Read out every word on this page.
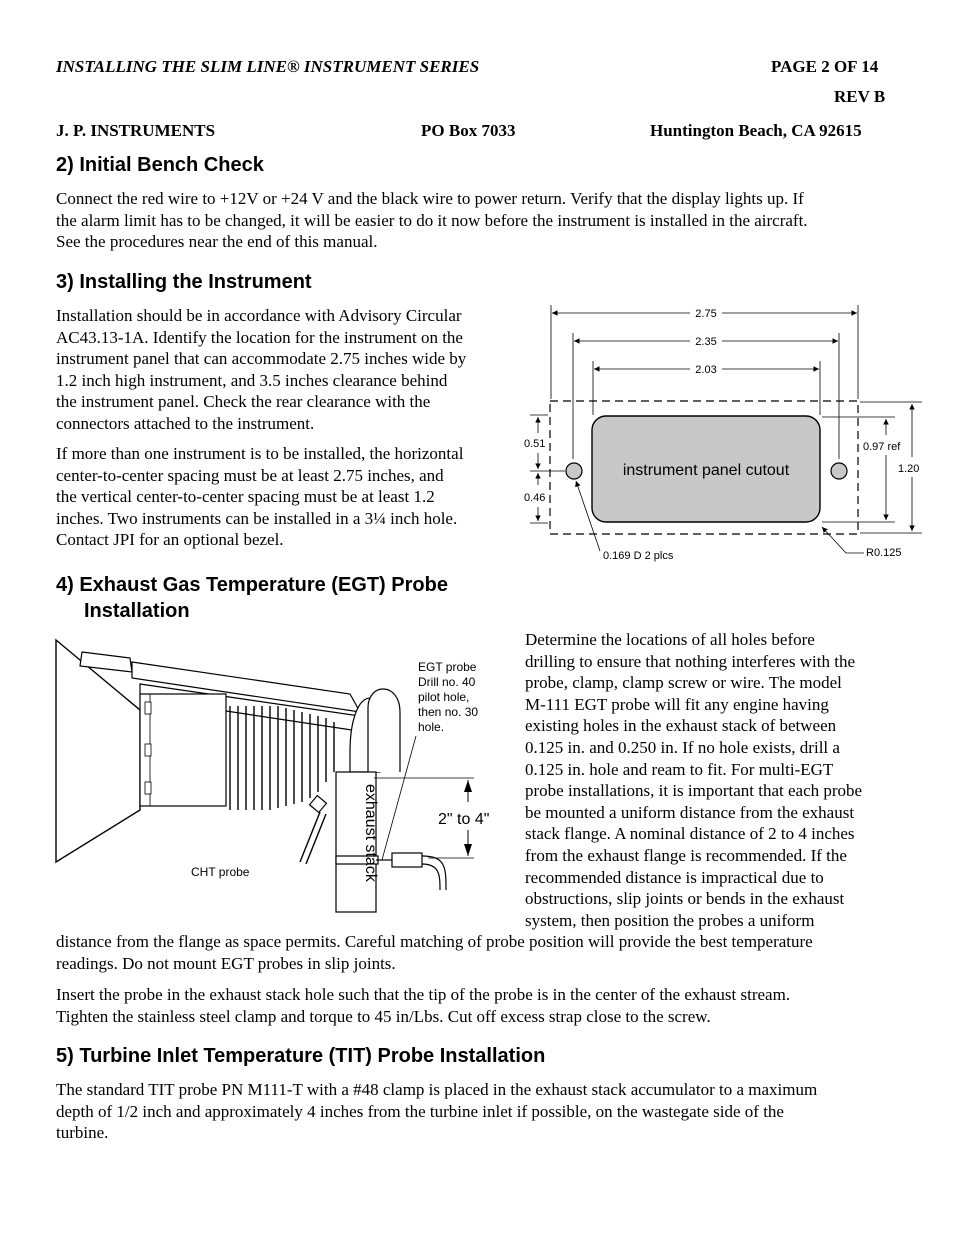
INSTALLING THE SLIM LINE® INSTRUMENT SERIES	PAGE 2 OF 14
REV B
J. P. INSTRUMENTS	PO Box 7033	Huntington Beach, CA 92615
2) Initial Bench Check
Connect the red wire to +12V or +24 V and the black wire to power return. Verify that the display lights up. If
the alarm limit has to be changed, it will be easier to do it now before the instrument is installed in the aircraft.
See the procedures near the end of this manual.
3) Installing the Instrument
Installation should be in accordance with Advisory Circular
AC43.13-1A. Identify the location for the instrument on the
instrument panel that can accommodate 2.75 inches wide by
1.2 inch high instrument, and 3.5 inches clearance behind
the instrument panel. Check the rear clearance with the
connectors attached to the instrument.
If more than one instrument is to be installed, the horizontal
center-to-center spacing must be at least 2.75 inches, and
the vertical center-to-center spacing must be at least 1.2
inches. Two instruments can be installed in a 3¼ inch hole.
Contact JPI for an optional bezel.
instrument panel cutout
2.75
2.35
2.03
0.51
0.46
0.97 ref
1.20
0.169 D 2 plcs	R0.125
4) Exhaust Gas Temperature (EGT) Probe
Installation
exhaust stack
EGT probe Drill no. 40 pilot hole, then no. 30 hole.
2" to 4"
CHT probe
Determine the locations of all holes before
drilling to ensure that nothing interferes with the
probe, clamp, clamp screw or wire. The model
M-111 EGT probe will fit any engine having
existing holes in the exhaust stack of between
0.125 in. and 0.250 in. If no hole exists, drill a
0.125 in. hole and ream to fit. For multi-EGT
probe installations, it is important that each probe
be mounted a uniform distance from the exhaust
stack flange. A nominal distance of 2 to 4 inches
from the exhaust flange is recommended. If the
recommended distance is impractical due to
obstructions, slip joints or bends in the exhaust
system, then position the probes a uniform
distance from the flange as space permits. Careful matching of probe position will provide the best temperature
readings. Do not mount EGT probes in slip joints.
Insert the probe in the exhaust stack hole such that the tip of the probe is in the center of the exhaust stream.
Tighten the stainless steel clamp and torque to 45 in/Lbs. Cut off excess strap close to the screw.
5) Turbine Inlet Temperature (TIT) Probe Installation
The standard TIT probe PN M111-T with a #48 clamp is placed in the exhaust stack accumulator to a maximum
depth of 1/2 inch and approximately 4 inches from the turbine inlet if possible, on the wastegate side of the
turbine.
